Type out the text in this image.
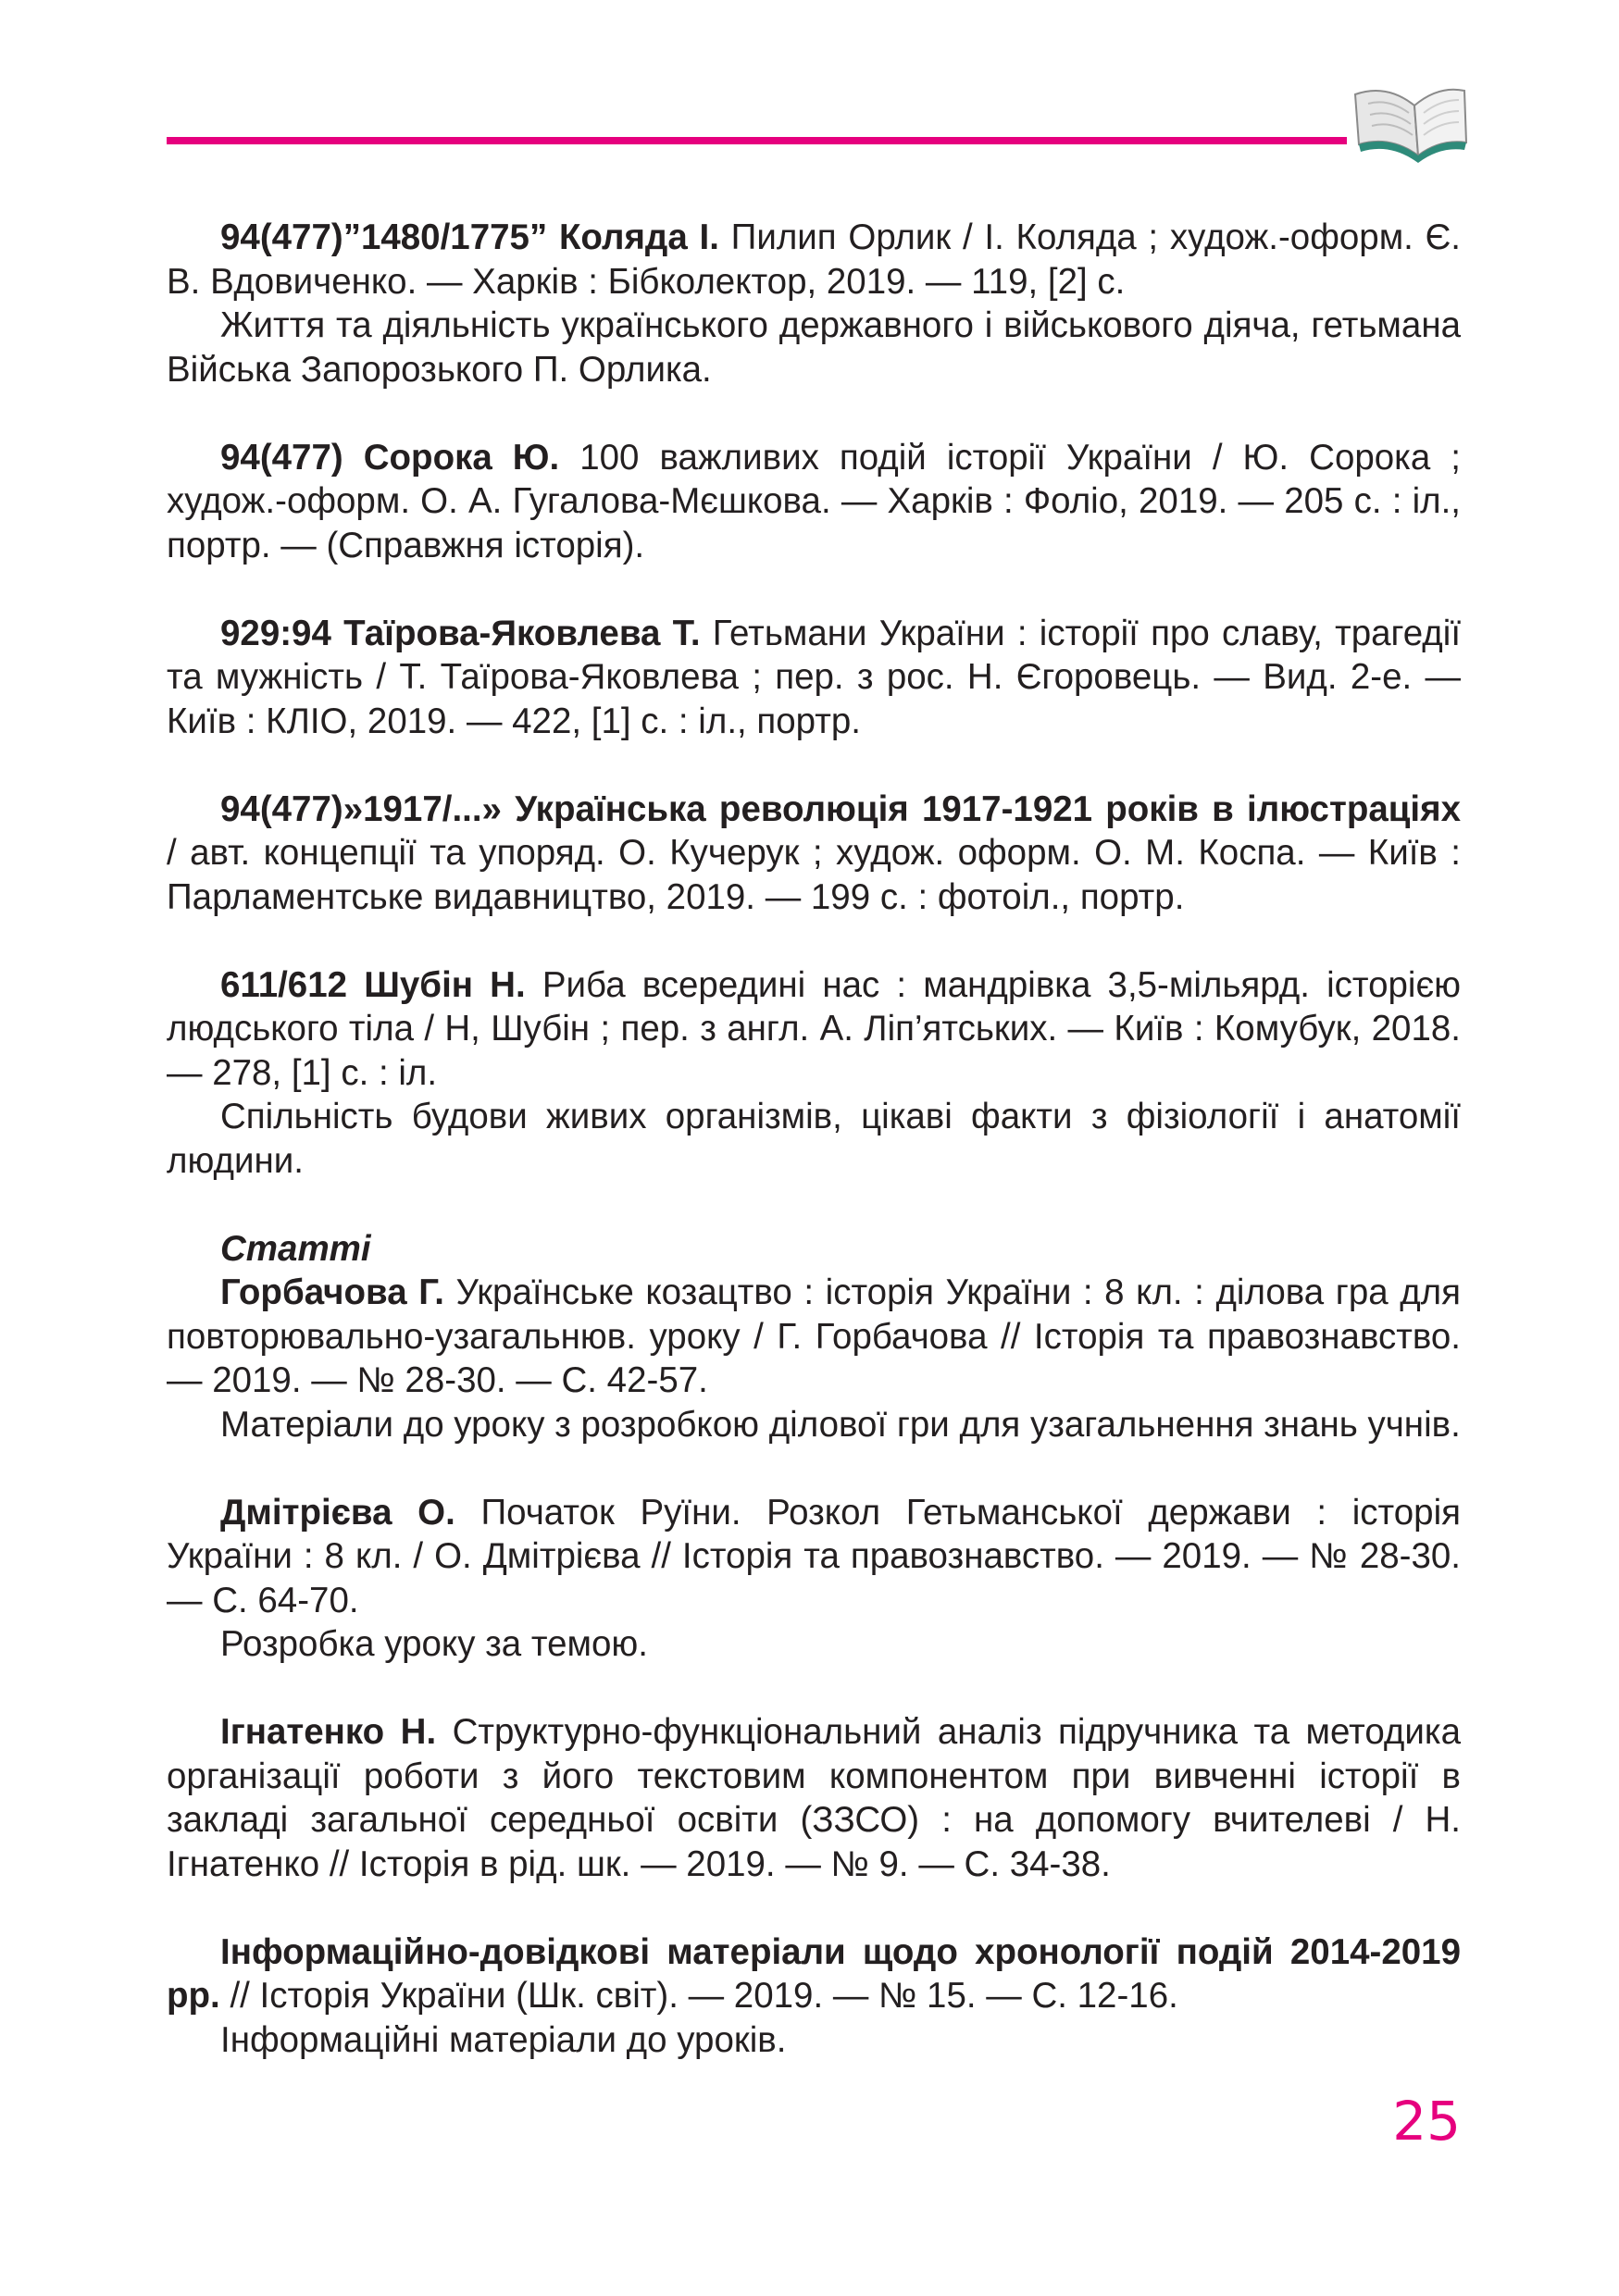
94(477)”1480/1775” Коляда І. Пилип Орлик / І. Коляда ; худож.-оформ. Є. В. Вдовиченко. — Харків : Бібколектор, 2019. — 119, [2] с.

Життя та діяльність українського державного і військового діяча, гетьмана Війська Запорозького П. Орлика.

94(477) Сорока Ю. 100 важливих подій історії України / Ю. Сорока ; худож.-оформ. О. А. Гугалова-Мєшкова. — Харків : Фоліо, 2019. — 205 с. : іл., портр. — (Справжня історія).

929:94 Таїрова-Яковлева Т. Гетьмани України : історії про славу, трагедії та мужність / Т. Таїрова-Яковлева ; пер. з рос. Н. Єгоровець. — Вид. 2-е. — Київ : КЛІО, 2019. — 422, [1] с. : іл., портр.

94(477)»1917/...» Українська революція 1917-1921 років в ілюстраціях / авт. концепції та упоряд. О. Кучерук ; худож. оформ. О. М. Коспа. — Київ : Парламентське видавництво, 2019. — 199 с. : фотоіл., портр.

611/612 Шубін Н. Риба всередині нас : мандрівка 3,5-мільярд. історією людського тіла / Н, Шубін ; пер. з англ. А. Ліп’ятських. — Київ : Комубук, 2018. — 278, [1] с. : іл.

Спільність будови живих організмів, цікаві факти з фізіології і анатомії людини.

Статті

Горбачова Г. Українське козацтво : історія України : 8 кл. : ділова гра для повторювально-узагальнюв. уроку / Г. Горбачова // Історія та правознавство. — 2019. — № 28-30. — С. 42-57.

Матеріали до уроку з розробкою ділової гри для узагальнення знань учнів.

Дмітрієва О. Початок Руїни. Розкол Гетьманської держави : історія України : 8 кл. / О. Дмітрієва // Історія та правознавство. — 2019. — № 28-30. — С. 64-70.

Розробка уроку за темою.

Ігнатенко Н. Структурно-функціональний аналіз підручника та методика організації роботи з його текстовим компонентом при вивченні історії в закладі загальної середньої освіти (ЗЗСО) : на допомогу вчителеві / Н. Ігнатенко // Історія в рід. шк. — 2019. — № 9. — С. 34-38.

Інформаційно-довідкові матеріали щодо хронології подій 2014-2019 рр. // Історія України (Шк. світ). — 2019. — № 15. — С. 12-16.

Інформаційні матеріали до уроків.

25
